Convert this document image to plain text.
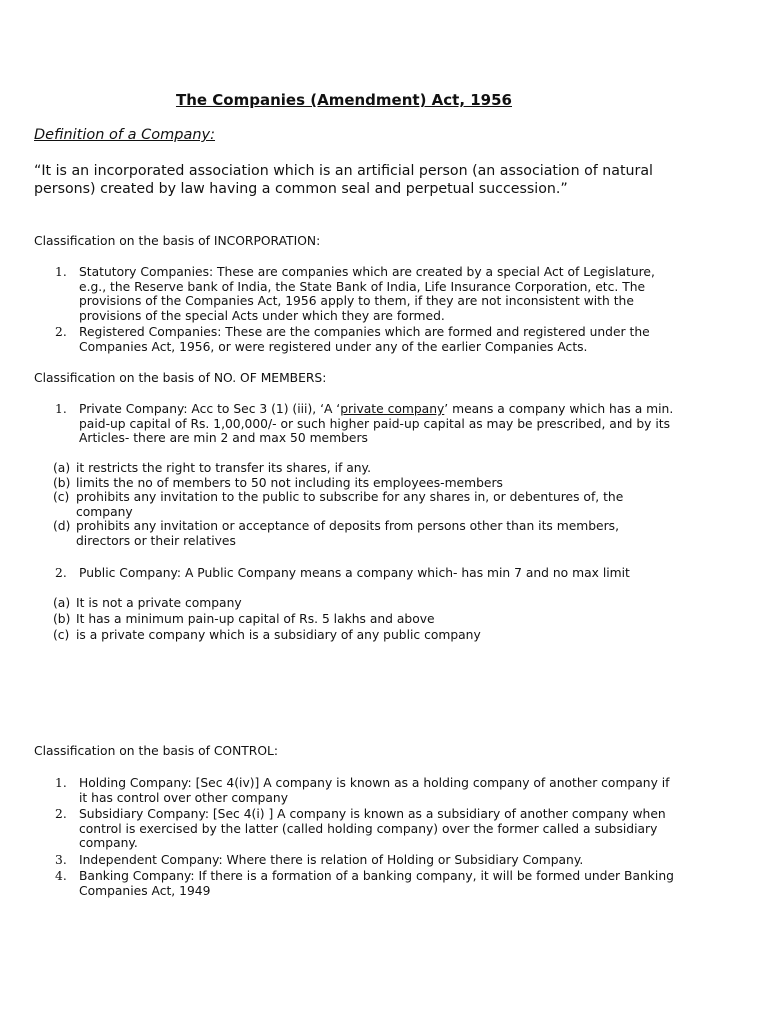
The Companies (Amendment) Act, 1956

Definition of a Company:

“It is an incorporated association which is an artificial person (an association of natural persons) created by law having a common seal and perpetual succession.”

Classification on the basis of INCORPORATION:

1. Statutory Companies: These are companies which are created by a special Act of Legislature, e.g., the Reserve bank of India, the State Bank of India, Life Insurance Corporation, etc. The provisions of the Companies Act, 1956 apply to them, if they are not inconsistent with the provisions of the special Acts under which they are formed.
2. Registered Companies: These are the companies which are formed and registered under the Companies Act, 1956, or were registered under any of the earlier Companies Acts.

Classification on the basis of NO. OF MEMBERS:

1. Private Company: Acc to Sec 3 (1) (iii), ‘A ‘private company’ means a company which has a min. paid-up capital of Rs. 1,00,000/- or such higher paid-up capital as may be prescribed, and by its Articles- there are min 2 and max 50 members
(a) it restricts the right to transfer its shares, if any.
(b) limits the no of members to 50 not including its employees-members
(c) prohibits any invitation to the public to subscribe for any shares in, or debentures of, the company
(d) prohibits any invitation or acceptance of deposits from persons other than its members, directors or their relatives
2. Public Company: A Public Company means a company which- has min 7 and no max limit
(a) It is not a private company
(b) It has a minimum pain-up capital of Rs. 5 lakhs and above
(c) is a private company which is a subsidiary of any public company

Classification on the basis of CONTROL:

1. Holding Company: [Sec 4(iv)] A company is known as a holding company of another company if it has control over other company
2. Subsidiary Company: [Sec 4(i) ] A company is known as a subsidiary of another company when control is exercised by the latter (called holding company) over the former called a subsidiary company.
3. Independent Company: Where there is relation of Holding or Subsidiary Company.
4. Banking Company: If there is a formation of a banking company, it will be formed under Banking Companies Act, 1949
